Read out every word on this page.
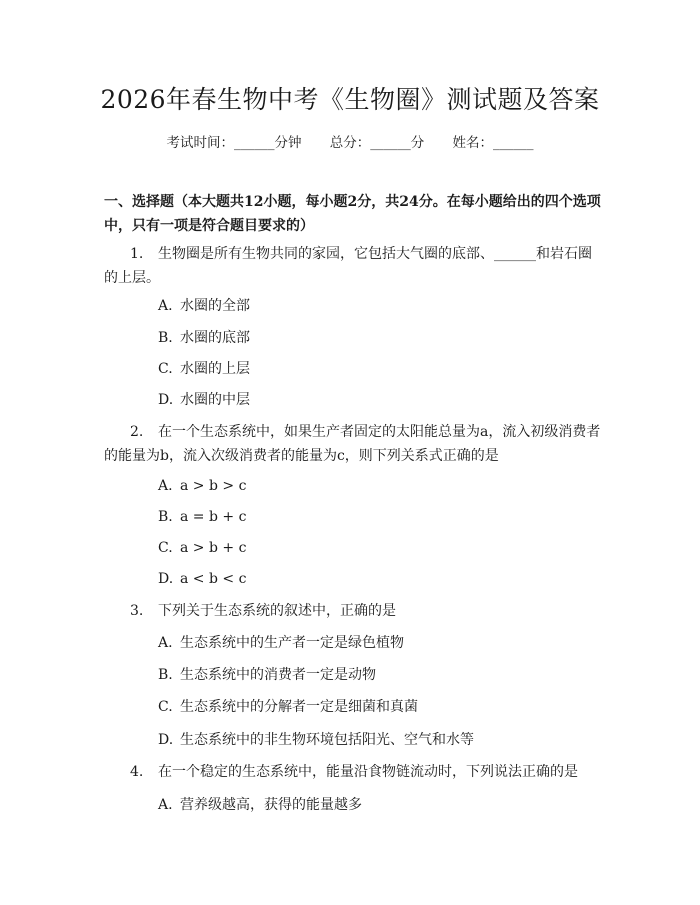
2026年春生物中考《生物圈》测试题及答案
考试时间：______分钟 总分：______分 姓名：______
一、选择题（本大题共12小题，每小题2分，共24分。在每小题给出的四个选项中，只有一项是符合题目要求的）
1. 生物圈是所有生物共同的家园，它包括大气圈的底部、______和岩石圈的上层。
A. 水圈的全部
B. 水圈的底部
C. 水圈的上层
D. 水圈的中层
2. 在一个生态系统中，如果生产者固定的太阳能总量为a，流入初级消费者的能量为b，流入次级消费者的能量为c，则下列关系式正确的是
A. a > b > c
B. a = b + c
C. a > b + c
D. a < b < c
3. 下列关于生态系统的叙述中，正确的是
A. 生态系统中的生产者一定是绿色植物
B. 生态系统中的消费者一定是动物
C. 生态系统中的分解者一定是细菌和真菌
D. 生态系统中的非生物环境包括阳光、空气和水等
4. 在一个稳定的生态系统中，能量沿食物链流动时，下列说法正确的是
A. 营养级越高，获得的能量越多
